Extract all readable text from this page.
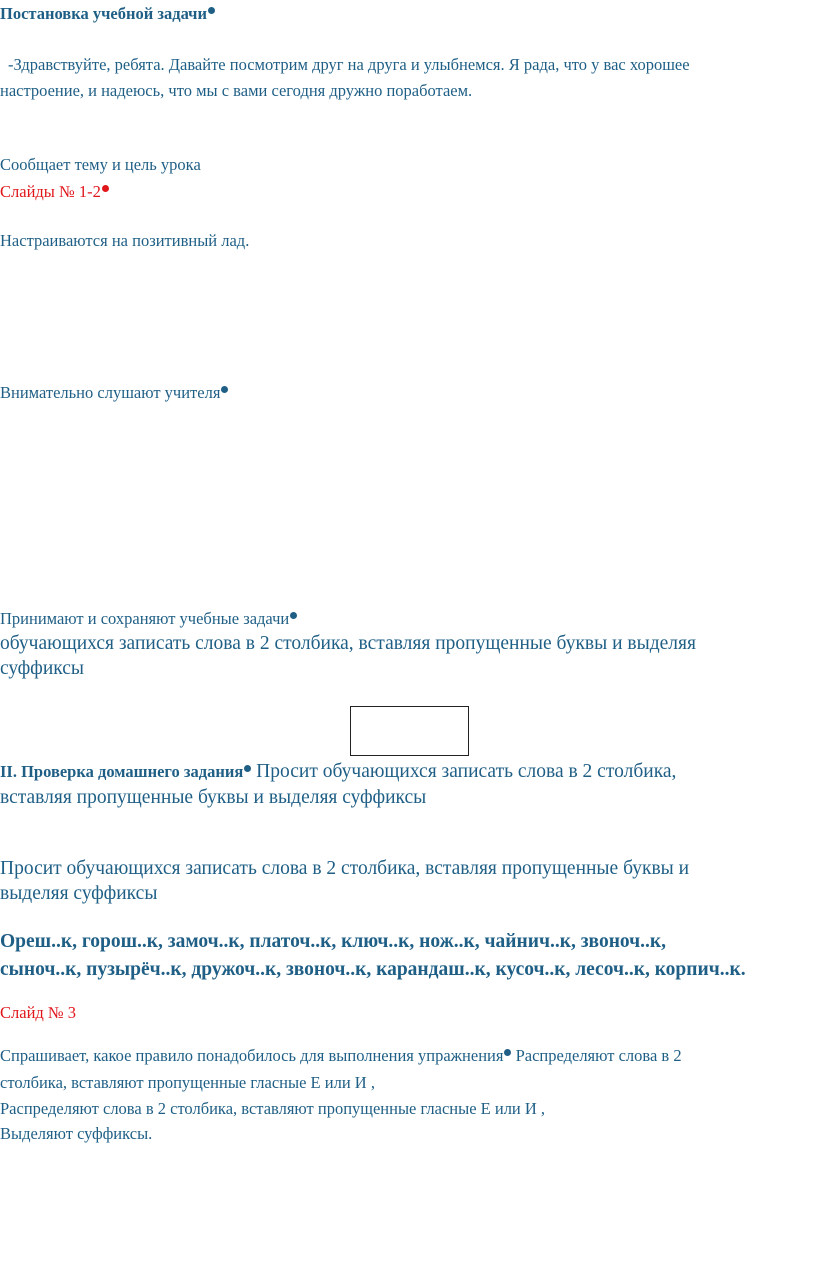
Постановка учебной задачи

-Здравствуйте, ребята. Давайте посмотрим друг на друга и улыбнемся. Я рада, что у вас хорошее

настроение, и надеюсь, что мы с вами сегодня дружно поработаем.

Сообщает тему и цель урока

Слайды № 1-2

Настраиваются на позитивный лад.

Внимательно слушают учителя

Принимают и сохраняют учебные задачи

обучающихся записать слова в 2 столбика, вставляя пропущенные буквы и выделяя

суффиксы

II. Проверка домашнего задания Просит обучающихся записать слова в 2 столбика,

вставляя пропущенные буквы и выделяя суффиксы

Просит обучающихся записать слова в 2 столбика, вставляя пропущенные буквы и

выделяя суффиксы

Ореш..к, горош..к, замоч..к, платоч..к, ключ..к, нож..к, чайнич..к, звоноч..к,

сыноч..к, пузырёч..к, дружоч..к, звоноч..к, карандаш..к, кусоч..к, лесоч..к, корпич..к.

Слайд № 3

Спрашивает, какое правило понадобилось для выполнения упражнения Распределяют слова в 2

столбика, вставляют пропущенные гласные Е или И ,

Распределяют слова в 2 столбика, вставляют пропущенные гласные Е или И ,

Выделяют суффиксы.
